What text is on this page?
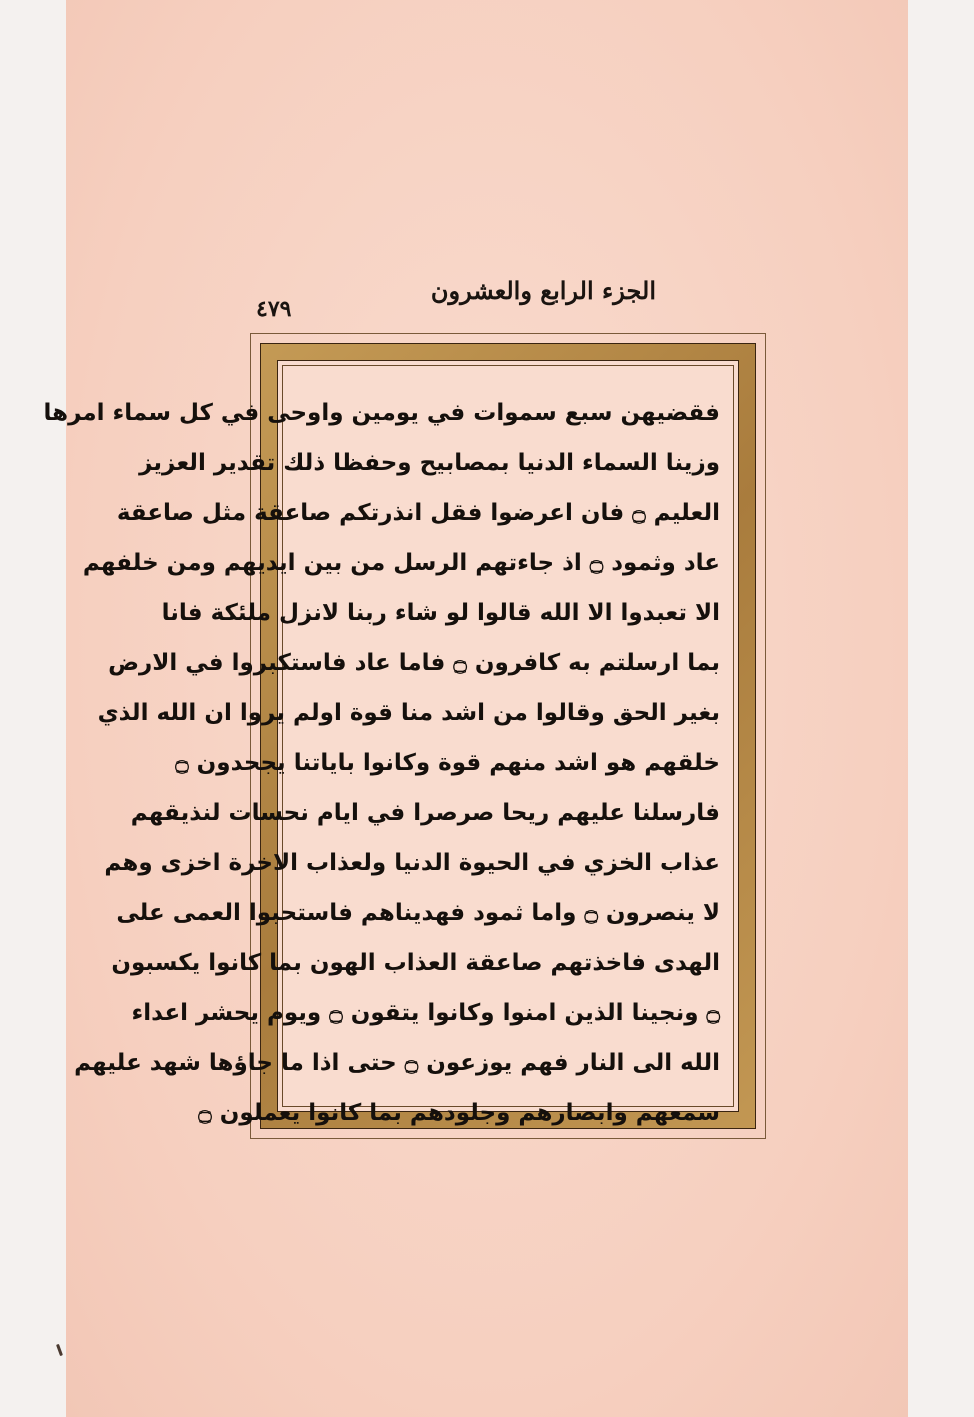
الجزء الرابع والعشرون
٤٧٩
فقضيهن سبع سموات في يومين واوحى في كل سماء امرها
وزينا السماء الدنيا بمصابيح وحفظا ذلك تقدير العزيز
العليم ۝ فان اعرضوا فقل انذرتكم صاعقة مثل صاعقة
عاد وثمود ۝ اذ جاءتهم الرسل من بين ايديهم ومن خلفهم
الا تعبدوا الا الله قالوا لو شاء ربنا لانزل ملئكة فانا
بما ارسلتم به كافرون ۝ فاما عاد فاستكبروا في الارض
بغير الحق وقالوا من اشد منا قوة اولم يروا ان الله الذي
خلقهم هو اشد منهم قوة وكانوا باياتنا يجحدون ۝
فارسلنا عليهم ريحا صرصرا في ايام نحسات لنذيقهم
عذاب الخزي في الحيوة الدنيا ولعذاب الاخرة اخزى وهم
لا ينصرون ۝ واما ثمود فهديناهم فاستحبوا العمى على
الهدى فاخذتهم صاعقة العذاب الهون بما كانوا يكسبون
۝ ونجينا الذين امنوا وكانوا يتقون ۝ ويوم يحشر اعداء
الله الى النار فهم يوزعون ۝ حتى اذا ما جاؤها شهد عليهم
سمعهم وابصارهم وجلودهم بما كانوا يعملون ۝
